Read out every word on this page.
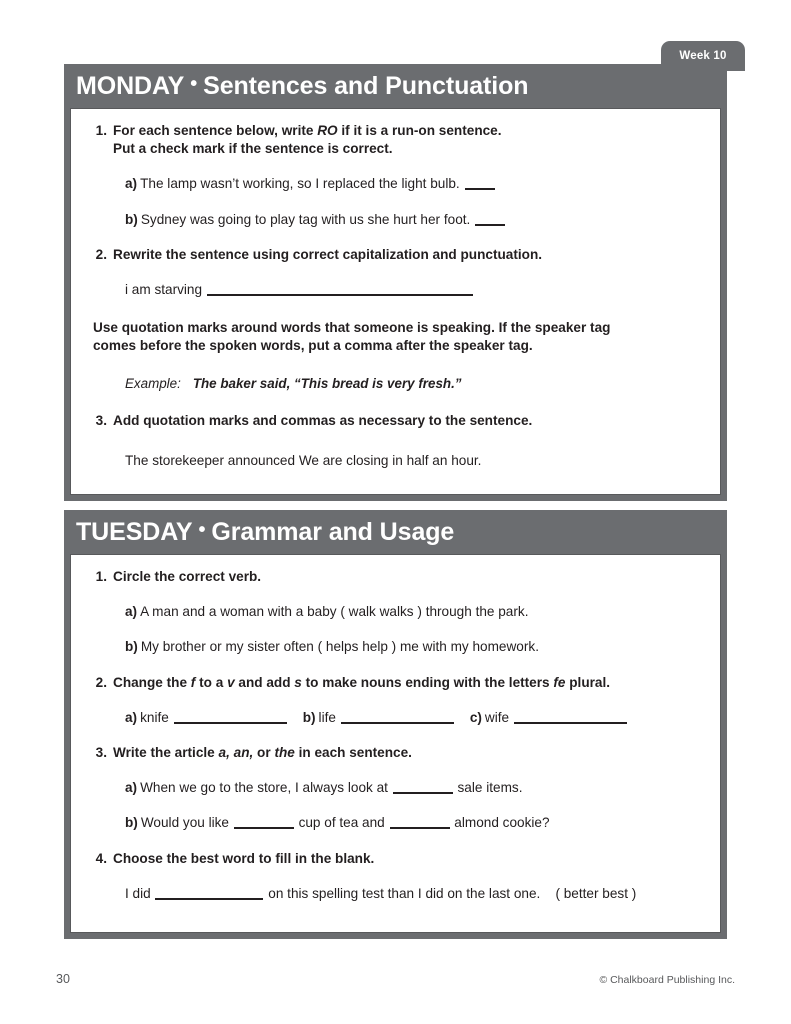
Week 10
MONDAY • Sentences and Punctuation
1. For each sentence below, write RO if it is a run-on sentence.
Put a check mark if the sentence is correct.
a) The lamp wasn’t working, so I replaced the light bulb.
b) Sydney was going to play tag with us she hurt her foot.
2. Rewrite the sentence using correct capitalization and punctuation.
i am starving
Use quotation marks around words that someone is speaking. If the speaker tag
comes before the spoken words, put a comma after the speaker tag.
Example: The baker said, “This bread is very fresh.”
3. Add quotation marks and commas as necessary to the sentence.
The storekeeper announced We are closing in half an hour.
TUESDAY • Grammar and Usage
1. Circle the correct verb.
a) A man and a woman with a baby ( walk walks ) through the park.
b) My brother or my sister often ( helps help ) me with my homework.
2. Change the f to a v and add s to make nouns ending with the letters fe plural.
a) knife	b) life	c) wife
3. Write the article a, an, or the in each sentence.
a) When we go to the store, I always look at	sale items.
b) Would you like	cup of tea and	almond cookie?
4. Choose the best word to fill in the blank.
I did	on this spelling test than I did on the last one. ( better best )
30	© Chalkboard Publishing Inc.
